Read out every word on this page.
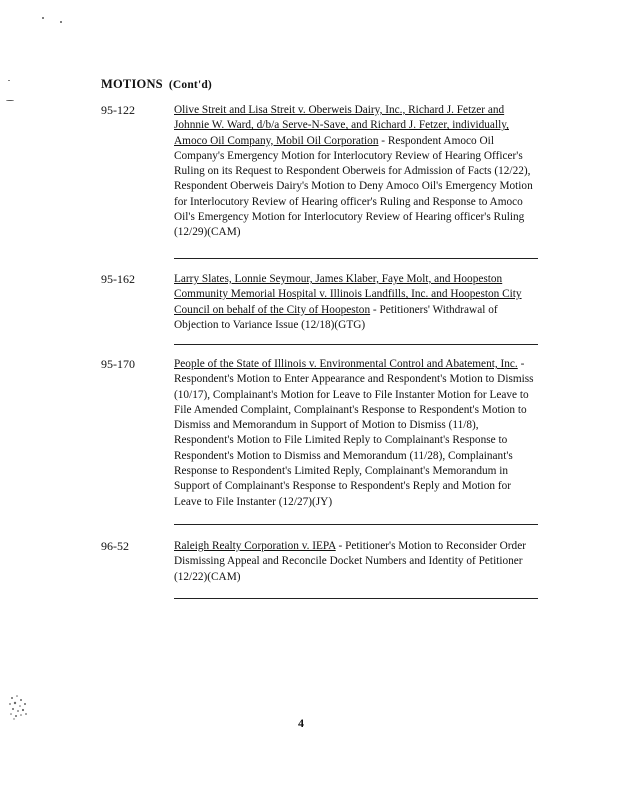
MOTIONS (Cont'd)
95-122	Olive Streit and Lisa Streit v. Oberweis Dairy, Inc., Richard J. Fetzer and Johnnie W. Ward, d/b/a Serve-N-Save, and Richard J. Fetzer, individually, Amoco Oil Company, Mobil Oil Corporation - Respondent Amoco Oil Company's Emergency Motion for Interlocutory Review of Hearing Officer's Ruling on its Request to Respondent Oberweis for Admission of Facts (12/22), Respondent Oberweis Dairy's Motion to Deny Amoco Oil's Emergency Motion for Interlocutory Review of Hearing officer's Ruling and Response to Amoco Oil's Emergency Motion for Interlocutory Review of Hearing officer's Ruling (12/29)(CAM)
95-162	Larry Slates, Lonnie Seymour, James Klaber, Faye Molt, and Hoopeston Community Memorial Hospital v. Illinois Landfills, Inc. and Hoopeston City Council on behalf of the City of Hoopeston - Petitioners' Withdrawal of Objection to Variance Issue (12/18)(GTG)
95-170	People of the State of Illinois v. Environmental Control and Abatement, Inc. - Respondent's Motion to Enter Appearance and Respondent's Motion to Dismiss (10/17), Complainant's Motion for Leave to File Instanter Motion for Leave to File Amended Complaint, Complainant's Response to Respondent's Motion to Dismiss and Memorandum in Support of Motion to Dismiss (11/8), Respondent's Motion to File Limited Reply to Complainant's Response to Respondent's Motion to Dismiss and Memorandum (11/28), Complainant's Response to Respondent's Limited Reply, Complainant's Memorandum in Support of Complainant's Response to Respondent's Reply and Motion for Leave to File Instanter (12/27)(JY)
96-52	Raleigh Realty Corporation v. IEPA - Petitioner's Motion to Reconsider Order Dismissing Appeal and Reconcile Docket Numbers and Identity of Petitioner (12/22)(CAM)
4
